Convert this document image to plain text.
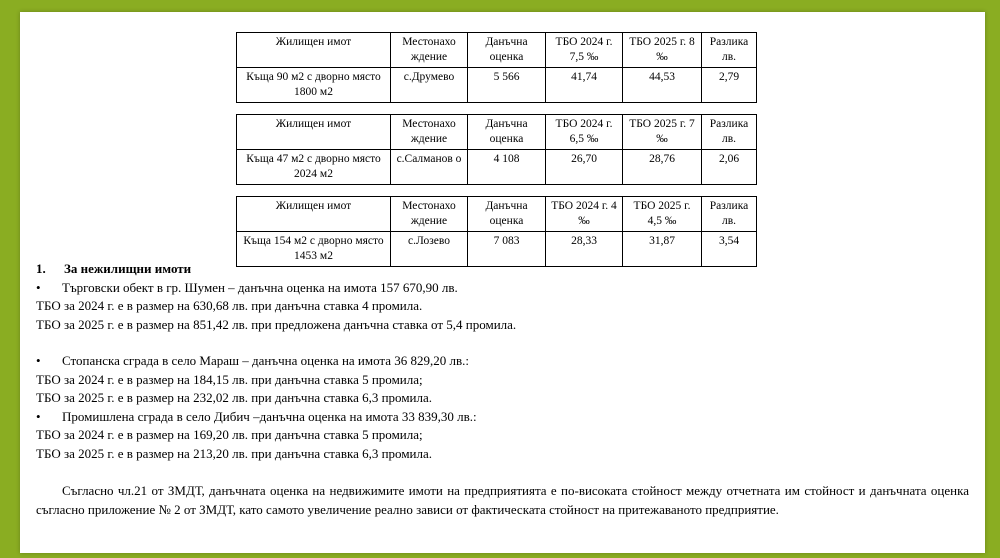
Жилищен имот	Местонахо ждение	Данъчна оценка	ТБО 2024 г. 7,5 ‰	ТБО 2025 г. 8 ‰	Разлика лв.
Къща 90 м2 с дворно място 1800 м2	с.Друмево	5 566	41,74	44,53	2,79
Жилищен имот	Местонахо ждение	Данъчна оценка	ТБО 2024 г. 6,5 ‰	ТБО 2025 г. 7 ‰	Разлика лв.
Къща 47 м2 с дворно място 2024 м2	с.Салманов о	4 108	26,70	28,76	2,06
Жилищен имот	Местонахо ждение	Данъчна оценка	ТБО 2024 г. 4 ‰	ТБО 2025 г. 4,5 ‰	Разлика лв.
Къща 154 м2 с дворно място 1453 м2	с.Лозево	7 083	28,33	31,87	3,54

1. За нежилищни имоти

• Търговски обект в гр. Шумен – данъчна оценка на имота 157 670,90 лв.

ТБО за 2024 г. е в размер на 630,68 лв. при данъчна ставка 4 промила.

ТБО за 2025 г. е в размер на 851,42 лв. при предложена данъчна ставка от 5,4 промила.

• Стопанска сграда в село Мараш – данъчна оценка на имота 36 829,20 лв.:

ТБО за 2024 г. е в размер на 184,15 лв. при данъчна ставка 5 промила;

ТБО за 2025 г. е в размер на 232,02 лв. при данъчна ставка 6,3 промила.

• Промишлена сграда в село Дибич –данъчна оценка на имота 33 839,30 лв.:

ТБО за 2024 г. е в размер на 169,20 лв. при данъчна ставка 5 промила;

ТБО за 2025 г. е в размер на 213,20 лв. при данъчна ставка 6,3 промила.

Съгласно чл.21 от ЗМДТ, данъчната оценка на недвижимите имоти на предприятията е по-високата стойност между отчетната им стойност и данъчната оценка съгласно приложение № 2 от ЗМДТ, като самото увеличение реално зависи от фактическата стойност на притежаваното предприятие.
